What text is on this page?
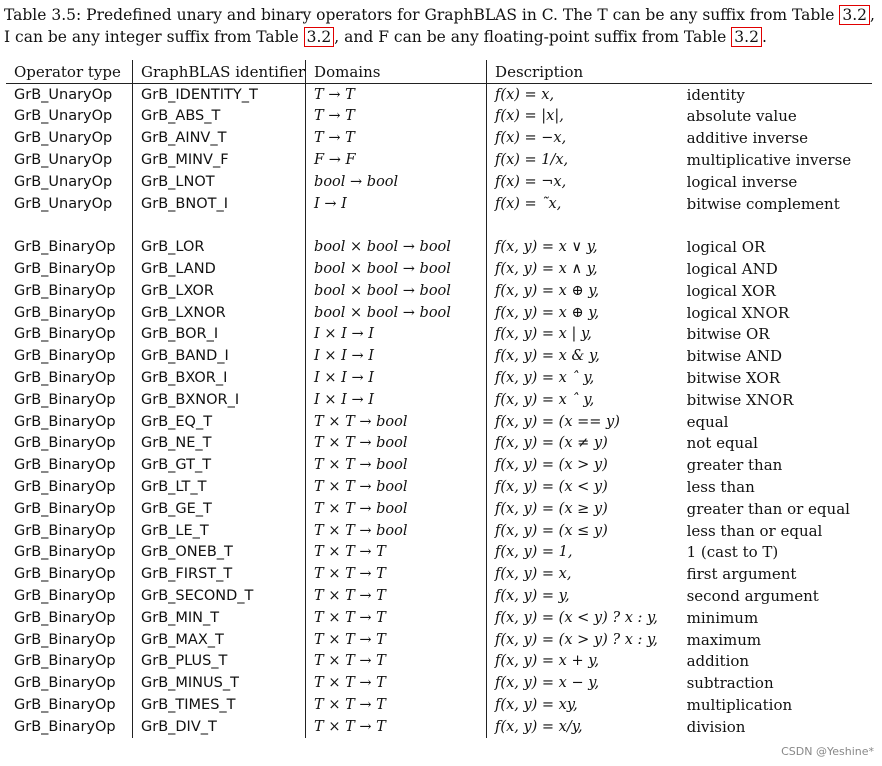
Table 3.5: Predefined unary and binary operators for GraphBLAS in C. The T can be any suffix from Table 3.2 ,
I can be any integer suffix from Table 3.2 , and F can be any floating-point suffix from Table 3.2 .
Operator type	GraphBLAS identifier	Domains	Description	
GrB_UnaryOp	GrB_IDENTITY_T	T → T	f(x) = x,	identity
GrB_UnaryOp	GrB_ABS_T	T → T	f(x) = |x|,	absolute value
GrB_UnaryOp	GrB_AINV_T	T → T	f(x) = −x,	additive inverse
GrB_UnaryOp	GrB_MINV_F	F → F	f(x) = 1/x,	multiplicative inverse
GrB_UnaryOp	GrB_LNOT	bool → bool	f(x) = ¬x,	logical inverse
GrB_UnaryOp	GrB_BNOT_I	I → I	f(x) = ˜x,	bitwise complement

GrB_BinaryOp	GrB_LOR	bool × bool → bool	f(x, y) = x ∨ y,	logical OR
GrB_BinaryOp	GrB_LAND	bool × bool → bool	f(x, y) = x ∧ y,	logical AND
GrB_BinaryOp	GrB_LXOR	bool × bool → bool	f(x, y) = x ⊕ y,	logical XOR
GrB_BinaryOp	GrB_LXNOR	bool × bool → bool	f(x, y) = x ⊕ y,	logical XNOR
GrB_BinaryOp	GrB_BOR_I	I × I → I	f(x, y) = x | y,	bitwise OR
GrB_BinaryOp	GrB_BAND_I	I × I → I	f(x, y) = x & y,	bitwise AND
GrB_BinaryOp	GrB_BXOR_I	I × I → I	f(x, y) = x ˆ y,	bitwise XOR
GrB_BinaryOp	GrB_BXNOR_I	I × I → I	f(x, y) = x ˆ y,	bitwise XNOR
GrB_BinaryOp	GrB_EQ_T	T × T → bool	f(x, y) = (x == y)	equal
GrB_BinaryOp	GrB_NE_T	T × T → bool	f(x, y) = (x ≠ y)	not equal
GrB_BinaryOp	GrB_GT_T	T × T → bool	f(x, y) = (x > y)	greater than
GrB_BinaryOp	GrB_LT_T	T × T → bool	f(x, y) = (x < y)	less than
GrB_BinaryOp	GrB_GE_T	T × T → bool	f(x, y) = (x ≥ y)	greater than or equal
GrB_BinaryOp	GrB_LE_T	T × T → bool	f(x, y) = (x ≤ y)	less than or equal
GrB_BinaryOp	GrB_ONEB_T	T × T → T	f(x, y) = 1,	1 (cast to T)
GrB_BinaryOp	GrB_FIRST_T	T × T → T	f(x, y) = x,	first argument
GrB_BinaryOp	GrB_SECOND_T	T × T → T	f(x, y) = y,	second argument
GrB_BinaryOp	GrB_MIN_T	T × T → T	f(x, y) = (x < y) ? x : y,	minimum
GrB_BinaryOp	GrB_MAX_T	T × T → T	f(x, y) = (x > y) ? x : y,	maximum
GrB_BinaryOp	GrB_PLUS_T	T × T → T	f(x, y) = x + y,	addition
GrB_BinaryOp	GrB_MINUS_T	T × T → T	f(x, y) = x − y,	subtraction
GrB_BinaryOp	GrB_TIMES_T	T × T → T	f(x, y) = xy,	multiplication
GrB_BinaryOp	GrB_DIV_T	T × T → T	f(x, y) = x/y,	division
CSDN @Yeshine*
